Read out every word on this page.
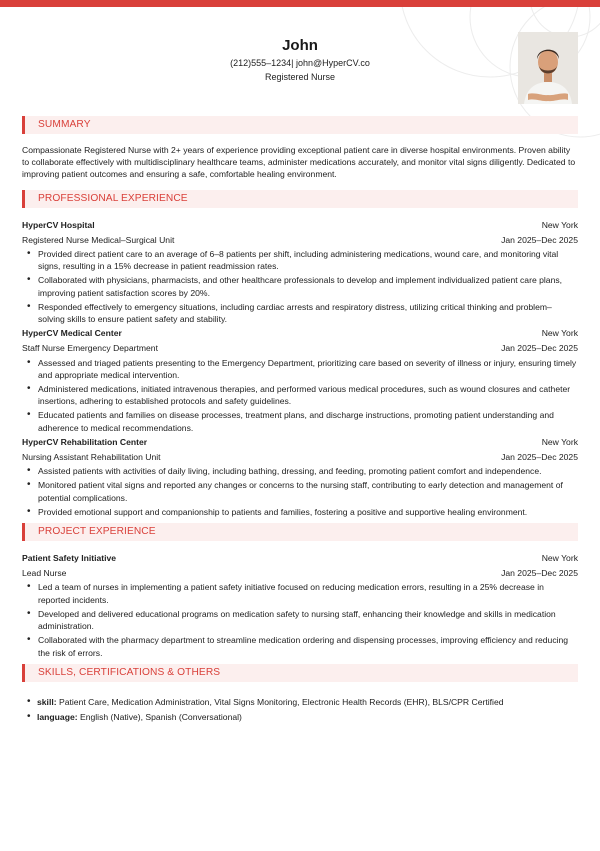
John
(212)555–1234| john@HyperCV.co
Registered Nurse
SUMMARY

Compassionate Registered Nurse with 2+ years of experience providing exceptional patient care in diverse hospital environments. Proven ability to collaborate effectively with multidisciplinary healthcare teams, administer medications accurately, and monitor vital signs diligently. Dedicated to improving patient outcomes and ensuring a safe, comfortable healing environment.

PROFESSIONAL EXPERIENCE
HyperCV Hospital	New York
Registered Nurse Medical–Surgical Unit	Jan 2025–Dec 2025
• Provided direct patient care to an average of 6–8 patients per shift, including administering medications, wound care, and monitoring vital signs, resulting in a 15% decrease in patient readmission rates.
• Collaborated with physicians, pharmacists, and other healthcare professionals to develop and implement individualized patient care plans, improving patient satisfaction scores by 20%.
• Responded effectively to emergency situations, including cardiac arrests and respiratory distress, utilizing critical thinking and problem–solving skills to ensure patient safety and stability.
HyperCV Medical Center	New York
Staff Nurse Emergency Department	Jan 2025–Dec 2025
• Assessed and triaged patients presenting to the Emergency Department, prioritizing care based on severity of illness or injury, ensuring timely and appropriate medical intervention.
• Administered medications, initiated intravenous therapies, and performed various medical procedures, such as wound closures and catheter insertions, adhering to established protocols and safety guidelines.
• Educated patients and families on disease processes, treatment plans, and discharge instructions, promoting patient understanding and adherence to medical recommendations.
HyperCV Rehabilitation Center	New York
Nursing Assistant Rehabilitation Unit	Jan 2025–Dec 2025
• Assisted patients with activities of daily living, including bathing, dressing, and feeding, promoting patient comfort and independence.
• Monitored patient vital signs and reported any changes or concerns to the nursing staff, contributing to early detection and management of potential complications.
• Provided emotional support and companionship to patients and families, fostering a positive and supportive healing environment.
PROJECT EXPERIENCE
Patient Safety Initiative	New York
Lead Nurse	Jan 2025–Dec 2025
• Led a team of nurses in implementing a patient safety initiative focused on reducing medication errors, resulting in a 25% decrease in reported incidents.
• Developed and delivered educational programs on medication safety to nursing staff, enhancing their knowledge and skills in medication administration.
• Collaborated with the pharmacy department to streamline medication ordering and dispensing processes, improving efficiency and reducing the risk of errors.
SKILLS, CERTIFICATIONS & OTHERS
• skill: Patient Care, Medication Administration, Vital Signs Monitoring, Electronic Health Records (EHR), BLS/CPR Certified
• language: English (Native), Spanish (Conversational)
